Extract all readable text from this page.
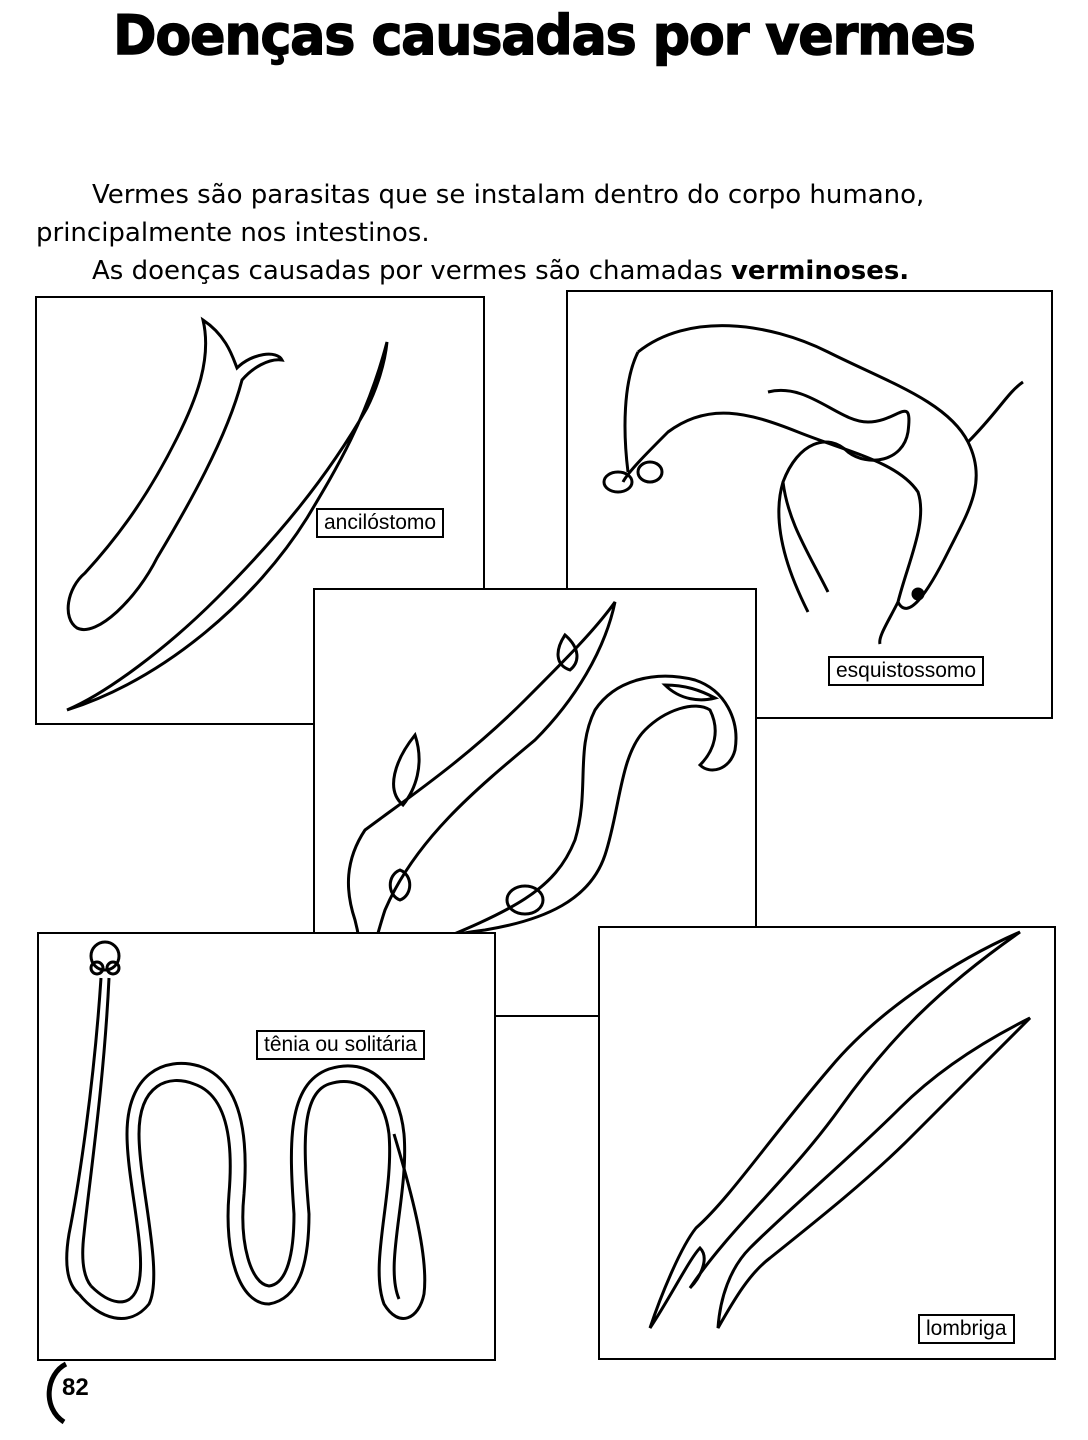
Doenças causadas por vermes
Vermes são parasitas que se instalam dentro do corpo humano, principalmente nos intestinos.
As doenças causadas por vermes são chamadas verminoses.
ancilóstomo
esquistossomo
tênia ou solitária
lombriga
82
